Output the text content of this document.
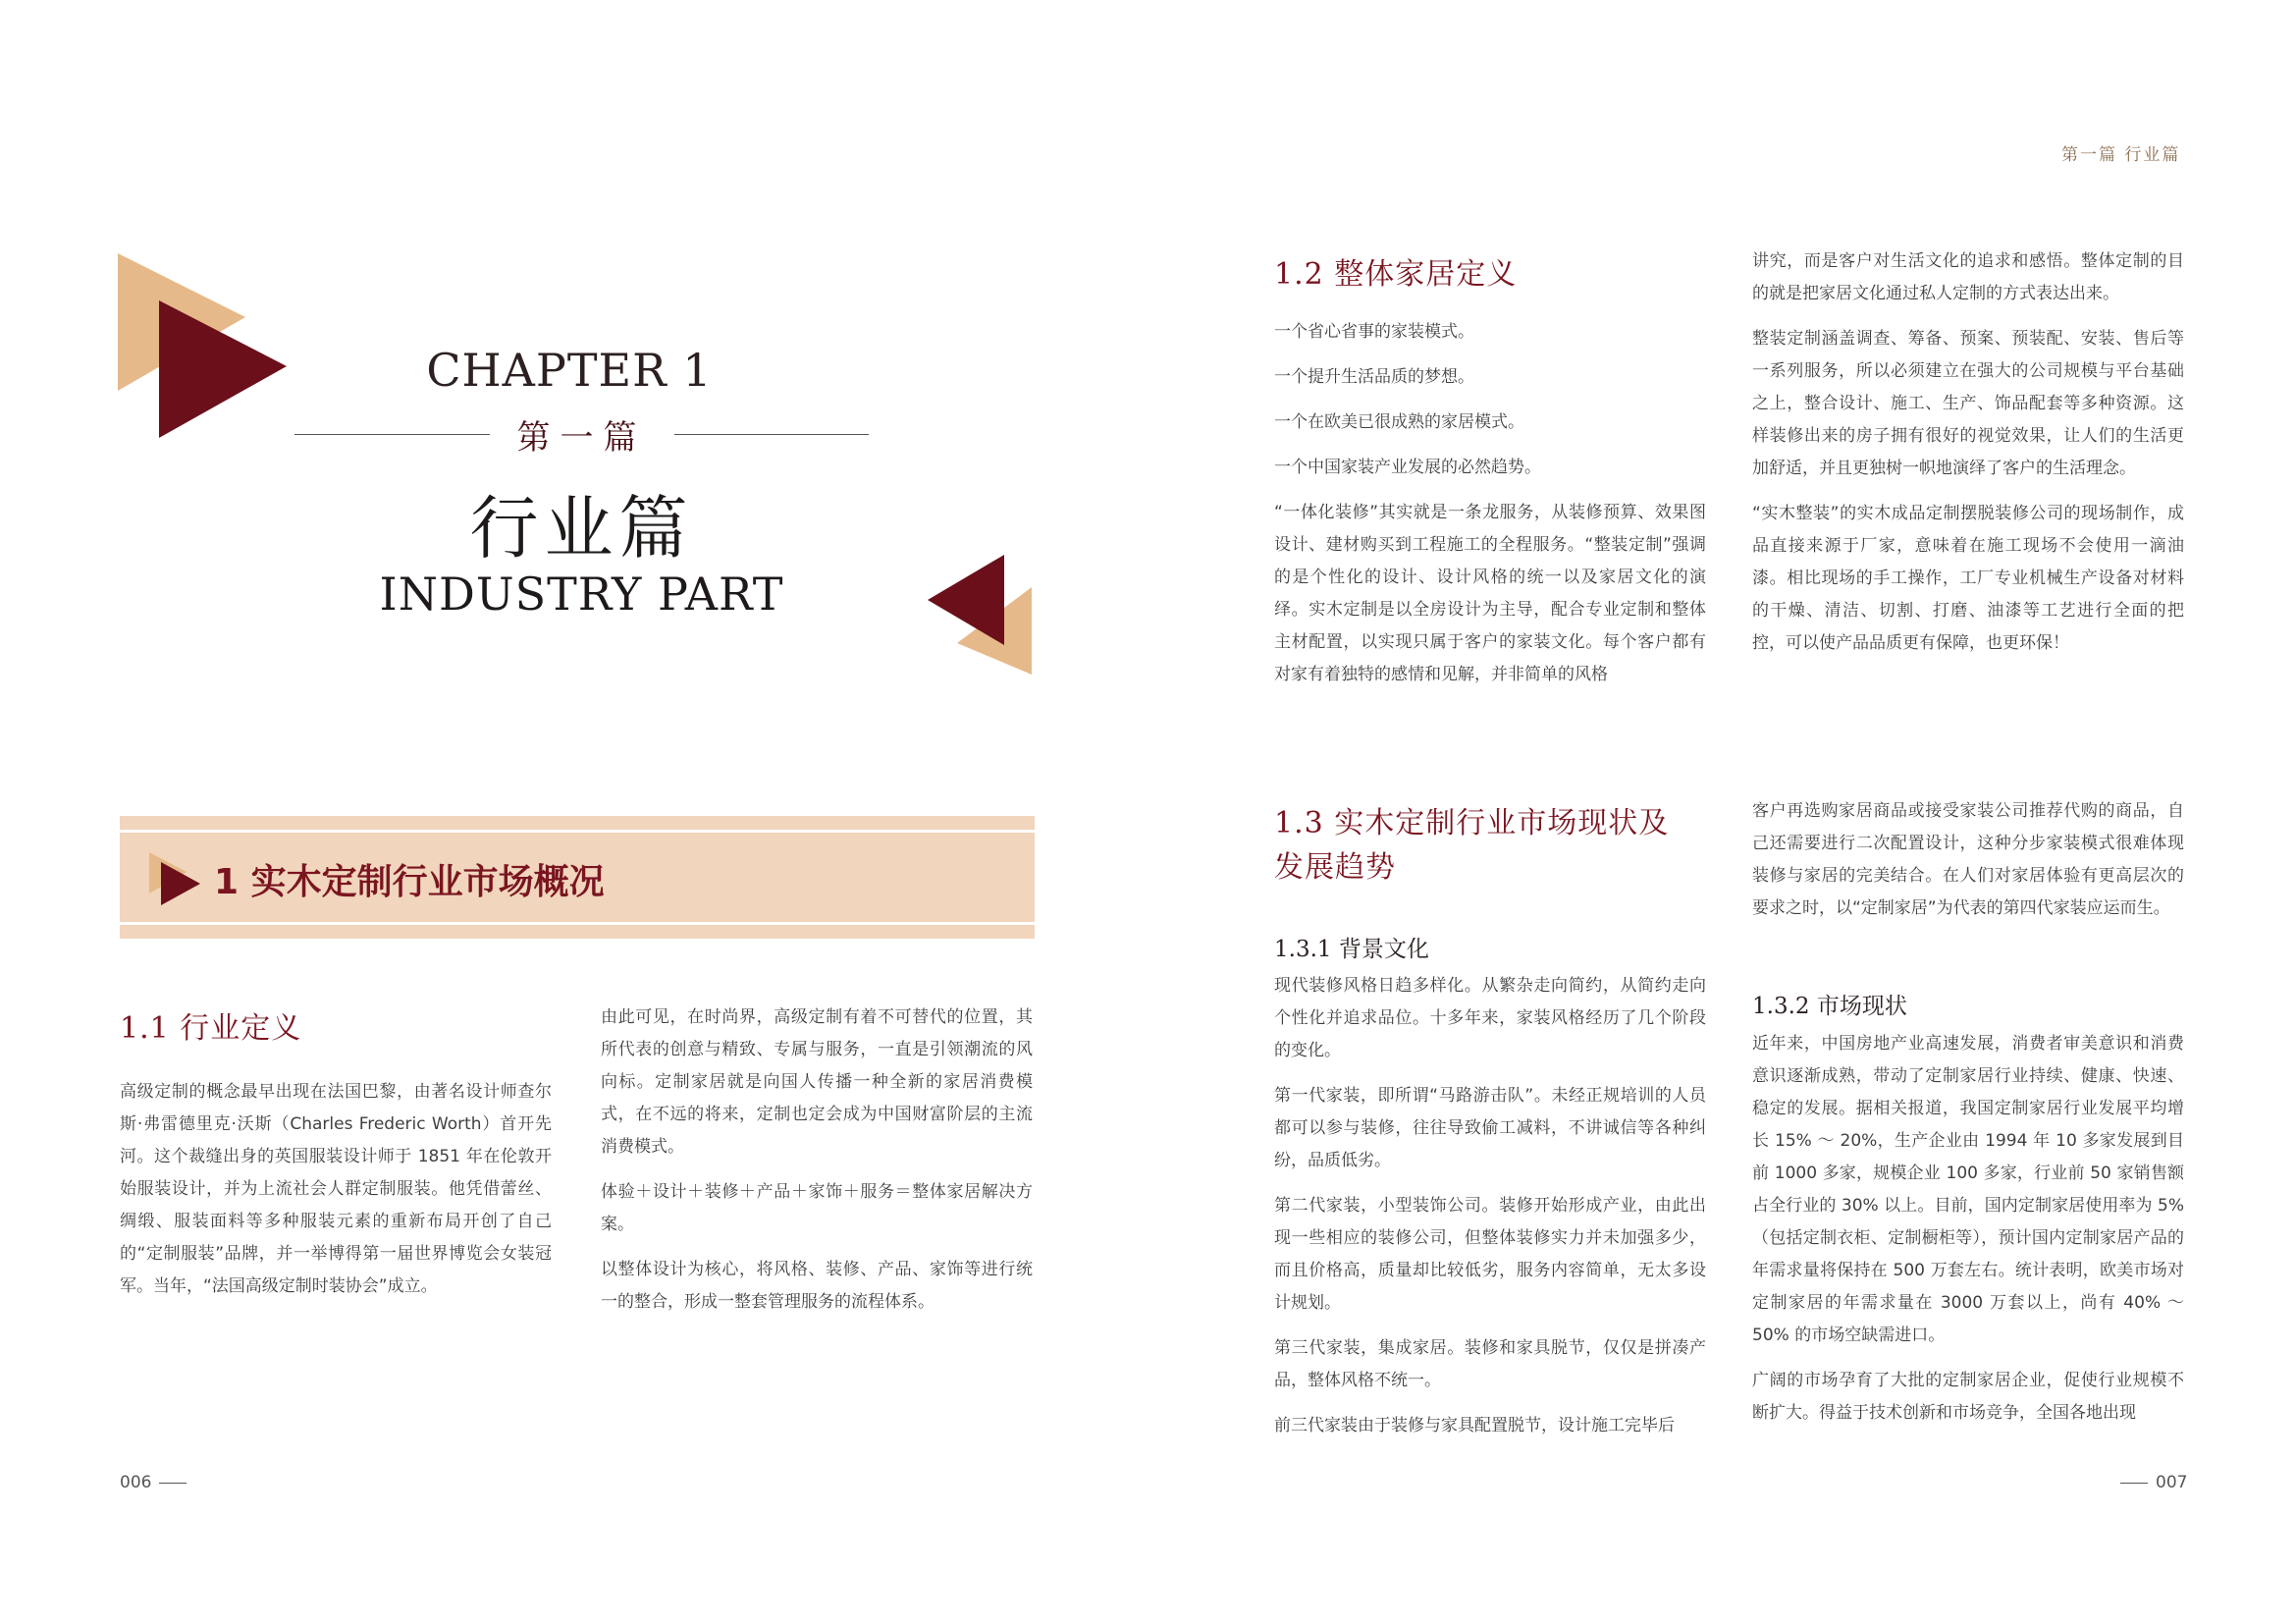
CHAPTER 1
第一篇
行业篇
INDUSTRY PART
1 实木定制行业市场概况
1.1 行业定义

高级定制的概念最早出现在法国巴黎，由著名设计师查尔斯·弗雷德里克·沃斯（Charles Frederic Worth）首开先河。这个裁缝出身的英国服装设计师于 1851 年在伦敦开始服装设计，并为上流社会人群定制服装。他凭借蕾丝、绸缎、服装面料等多种服装元素的重新布局开创了自己的“定制服装”品牌，并一举博得第一届世界博览会女装冠军。当年，“法国高级定制时装协会”成立。

由此可见，在时尚界，高级定制有着不可替代的位置，其所代表的创意与精致、专属与服务，一直是引领潮流的风向标。定制家居就是向国人传播一种全新的家居消费模式，在不远的将来，定制也定会成为中国财富阶层的主流消费模式。

体验＋设计＋装修＋产品＋家饰＋服务＝整体家居解决方案。

以整体设计为核心，将风格、装修、产品、家饰等进行统一的整合，形成一整套管理服务的流程体系。

006
第一篇 行业篇
1.2 整体家居定义

一个省心省事的家装模式。

一个提升生活品质的梦想。

一个在欧美已很成熟的家居模式。

一个中国家装产业发展的必然趋势。

“一体化装修”其实就是一条龙服务，从装修预算、效果图设计、建材购买到工程施工的全程服务。“整装定制”强调的是个性化的设计、设计风格的统一以及家居文化的演绎。实木定制是以全房设计为主导，配合专业定制和整体主材配置，以实现只属于客户的家装文化。每个客户都有对家有着独特的感情和见解，并非简单的风格

讲究，而是客户对生活文化的追求和感悟。整体定制的目的就是把家居文化通过私人定制的方式表达出来。

整装定制涵盖调查、筹备、预案、预装配、安装、售后等一系列服务，所以必须建立在强大的公司规模与平台基础之上，整合设计、施工、生产、饰品配套等多种资源。这样装修出来的房子拥有很好的视觉效果，让人们的生活更加舒适，并且更独树一帜地演绎了客户的生活理念。

“实木整装”的实木成品定制摆脱装修公司的现场制作，成品直接来源于厂家，意味着在施工现场不会使用一滴油漆。相比现场的手工操作，工厂专业机械生产设备对材料的干燥、清洁、切割、打磨、油漆等工艺进行全面的把控，可以使产品品质更有保障，也更环保！

1.3 实木定制行业市场现状及
发展趋势
1.3.1 背景文化

现代装修风格日趋多样化。从繁杂走向简约，从简约走向个性化并追求品位。十多年来，家装风格经历了几个阶段的变化。

第一代家装，即所谓“马路游击队”。未经正规培训的人员都可以参与装修，往往导致偷工减料，不讲诚信等各种纠纷，品质低劣。

第二代家装，小型装饰公司。装修开始形成产业，由此出现一些相应的装修公司，但整体装修实力并未加强多少，而且价格高，质量却比较低劣，服务内容简单，无太多设计规划。

第三代家装，集成家居。装修和家具脱节，仅仅是拼凑产品，整体风格不统一。

前三代家装由于装修与家具配置脱节，设计施工完毕后

客户再选购家居商品或接受家装公司推荐代购的商品，自己还需要进行二次配置设计，这种分步家装模式很难体现装修与家居的完美结合。在人们对家居体验有更高层次的要求之时，以“定制家居”为代表的第四代家装应运而生。

1.3.2 市场现状

近年来，中国房地产业高速发展，消费者审美意识和消费意识逐渐成熟，带动了定制家居行业持续、健康、快速、稳定的发展。据相关报道，我国定制家居行业发展平均增长 15% ～ 20%，生产企业由 1994 年 10 多家发展到目前 1000 多家，规模企业 100 多家，行业前 50 家销售额占全行业的 30% 以上。目前，国内定制家居使用率为 5%（包括定制衣柜、定制橱柜等），预计国内定制家居产品的年需求量将保持在 500 万套左右。统计表明，欧美市场对定制家居的年需求量在 3000 万套以上，尚有 40% ～ 50% 的市场空缺需进口。

广阔的市场孕育了大批的定制家居企业，促使行业规模不断扩大。得益于技术创新和市场竞争，全国各地出现

007
